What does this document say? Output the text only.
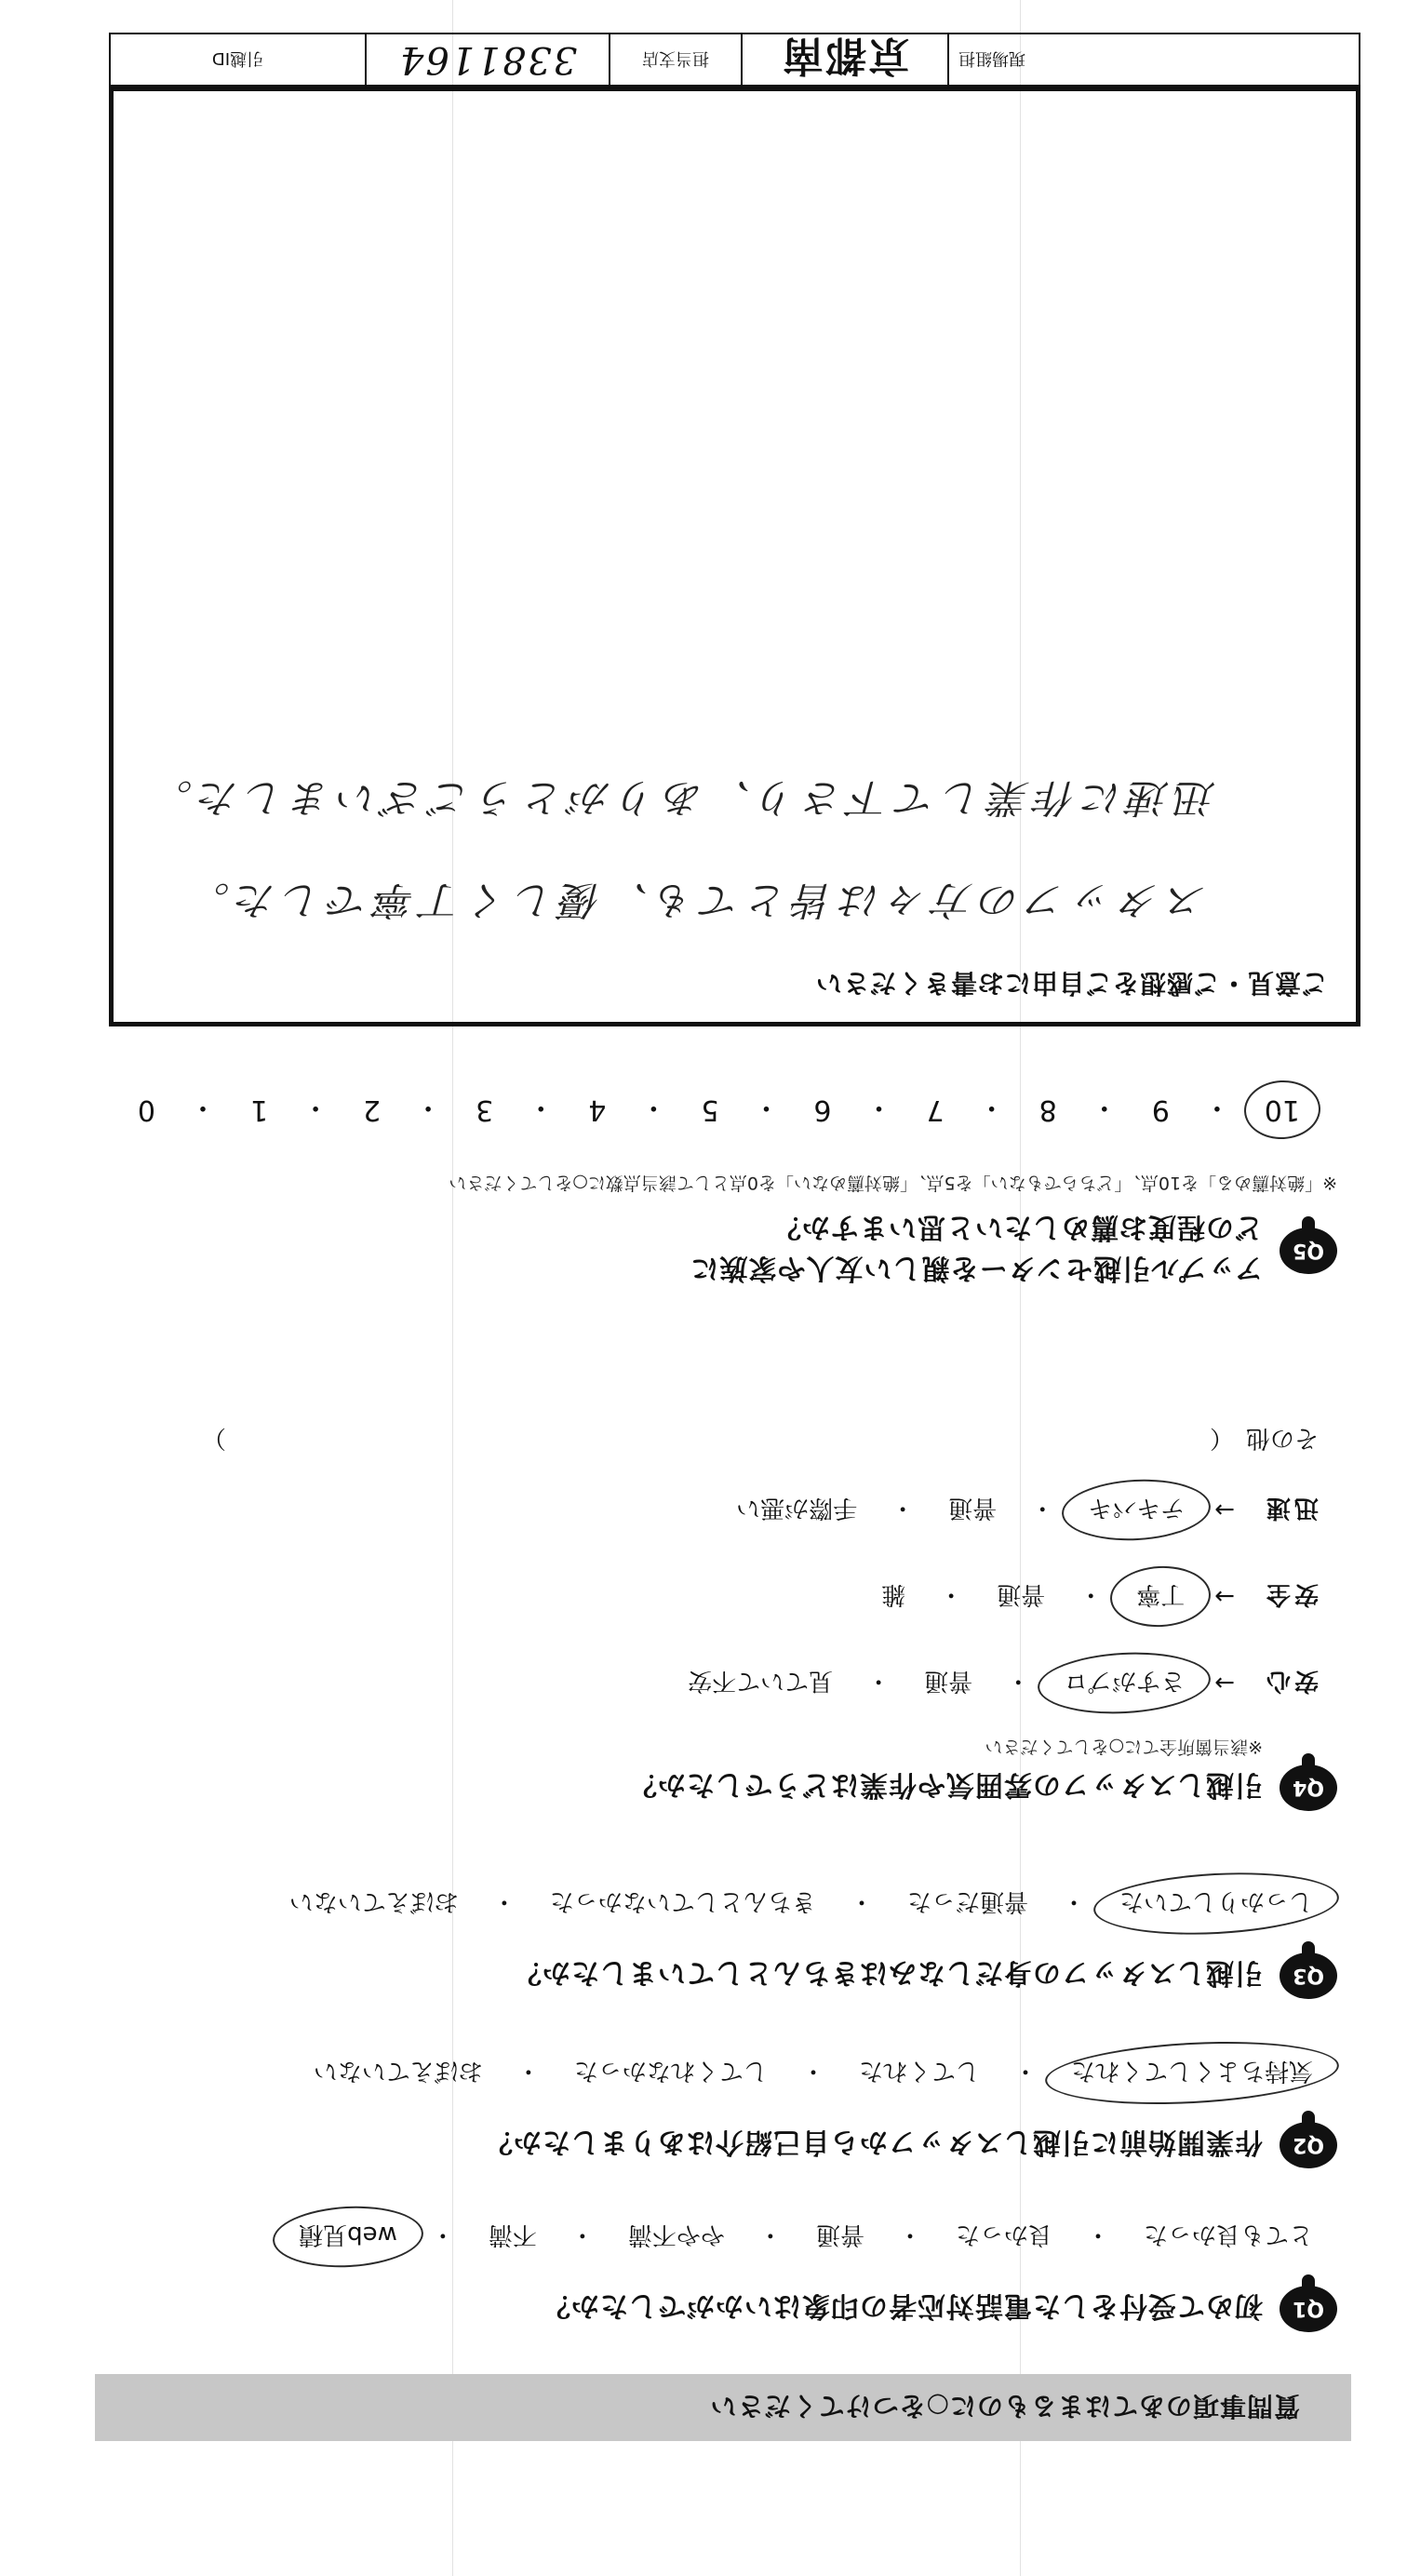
質問事項のあてはまるものに○をつけてください
Q1
初めて受付をした電話対応者の印象はいかがでしたか？
とても良かった
・
良かった
・
普通
・
やや不満
・
不満
・
web見積
Q2
作業開始前に引越しスタッフから自己紹介はありましたか？
気持ちよくしてくれた
・
してくれた
・
してくれなかった
・
おぼえていない
Q3
引越しスタッフの身だしなみはきちんとしていましたか？
しっかりしていた
・
普通だった
・
きちんとしていなかった
・
おぼえていない
Q4
引越しスタッフの雰囲気や作業はどうでしたか？
※該当箇所全てに○をしてください
安心
→
さすがプロ
・
普通
・
見ていて不安
安全
→
丁寧
・
普通
・
雑
迅速
→
テキパキ
・
普通
・
手際が悪い
その他　（
）
Q5
アップル引越センターを親しい友人や家族に
どの程度お薦めしたいと思いますか？
※「絶対薦める」を10点、「どちらでもない」を5点、「絶対薦めない」を0点として該当点数に○をしてください
10
・
9
・
8
・
7
・
6
・
5
・
4
・
3
・
2
・
1
・
0
ご意見・ご感想をご自由にお書きください
スタッフの方々は皆とても、優しく丁寧でした。
迅速に作業して下さり、ありがとうございました。
現場組担
京都南
担当支店
3381164
引越ID
